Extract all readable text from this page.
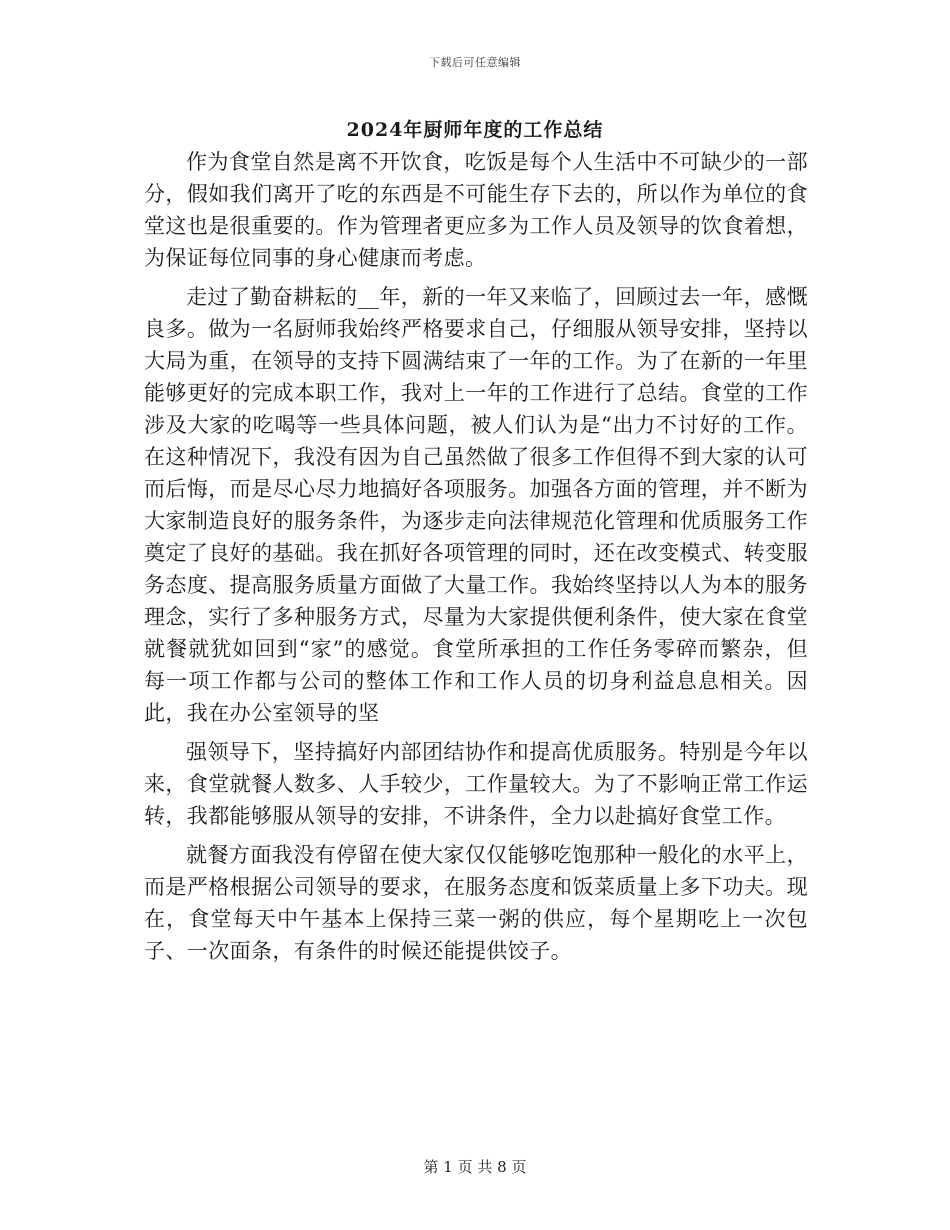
下载后可任意编辑
2024年厨师年度的工作总结

作为食堂自然是离不开饮食，吃饭是每个人生活中不可缺少的一部分，假如我们离开了吃的东西是不可能生存下去的，所以作为单位的食堂这也是很重要的。作为管理者更应多为工作人员及领导的饮食着想，为保证每位同事的身心健康而考虑。

走过了勤奋耕耘的__年，新的一年又来临了，回顾过去一年，感慨良多。做为一名厨师我始终严格要求自己，仔细服从领导安排，坚持以大局为重，在领导的支持下圆满结束了一年的工作。为了在新的一年里能够更好的完成本职工作，我对上一年的工作进行了总结。食堂的工作涉及大家的吃喝等一些具体问题，被人们认为是“出力不讨好的工作。在这种情况下，我没有因为自己虽然做了很多工作但得不到大家的认可而后悔，而是尽心尽力地搞好各项服务。加强各方面的管理，并不断为大家制造良好的服务条件，为逐步走向法律规范化管理和优质服务工作奠定了良好的基础。我在抓好各项管理的同时，还在改变模式、转变服务态度、提高服务质量方面做了大量工作。我始终坚持以人为本的服务理念，实行了多种服务方式，尽量为大家提供便利条件，使大家在食堂就餐就犹如回到“家”的感觉。食堂所承担的工作任务零碎而繁杂，但每一项工作都与公司的整体工作和工作人员的切身利益息息相关。因此，我在办公室领导的坚

强领导下，坚持搞好内部团结协作和提高优质服务。特别是今年以来，食堂就餐人数多、人手较少，工作量较大。为了不影响正常工作运转，我都能够服从领导的安排，不讲条件，全力以赴搞好食堂工作。

就餐方面我没有停留在使大家仅仅能够吃饱那种一般化的水平上，而是严格根据公司领导的要求，在服务态度和饭菜质量上多下功夫。现在，食堂每天中午基本上保持三菜一粥的供应，每个星期吃上一次包子、一次面条，有条件的时候还能提供饺子。

第 1 页 共 8 页
